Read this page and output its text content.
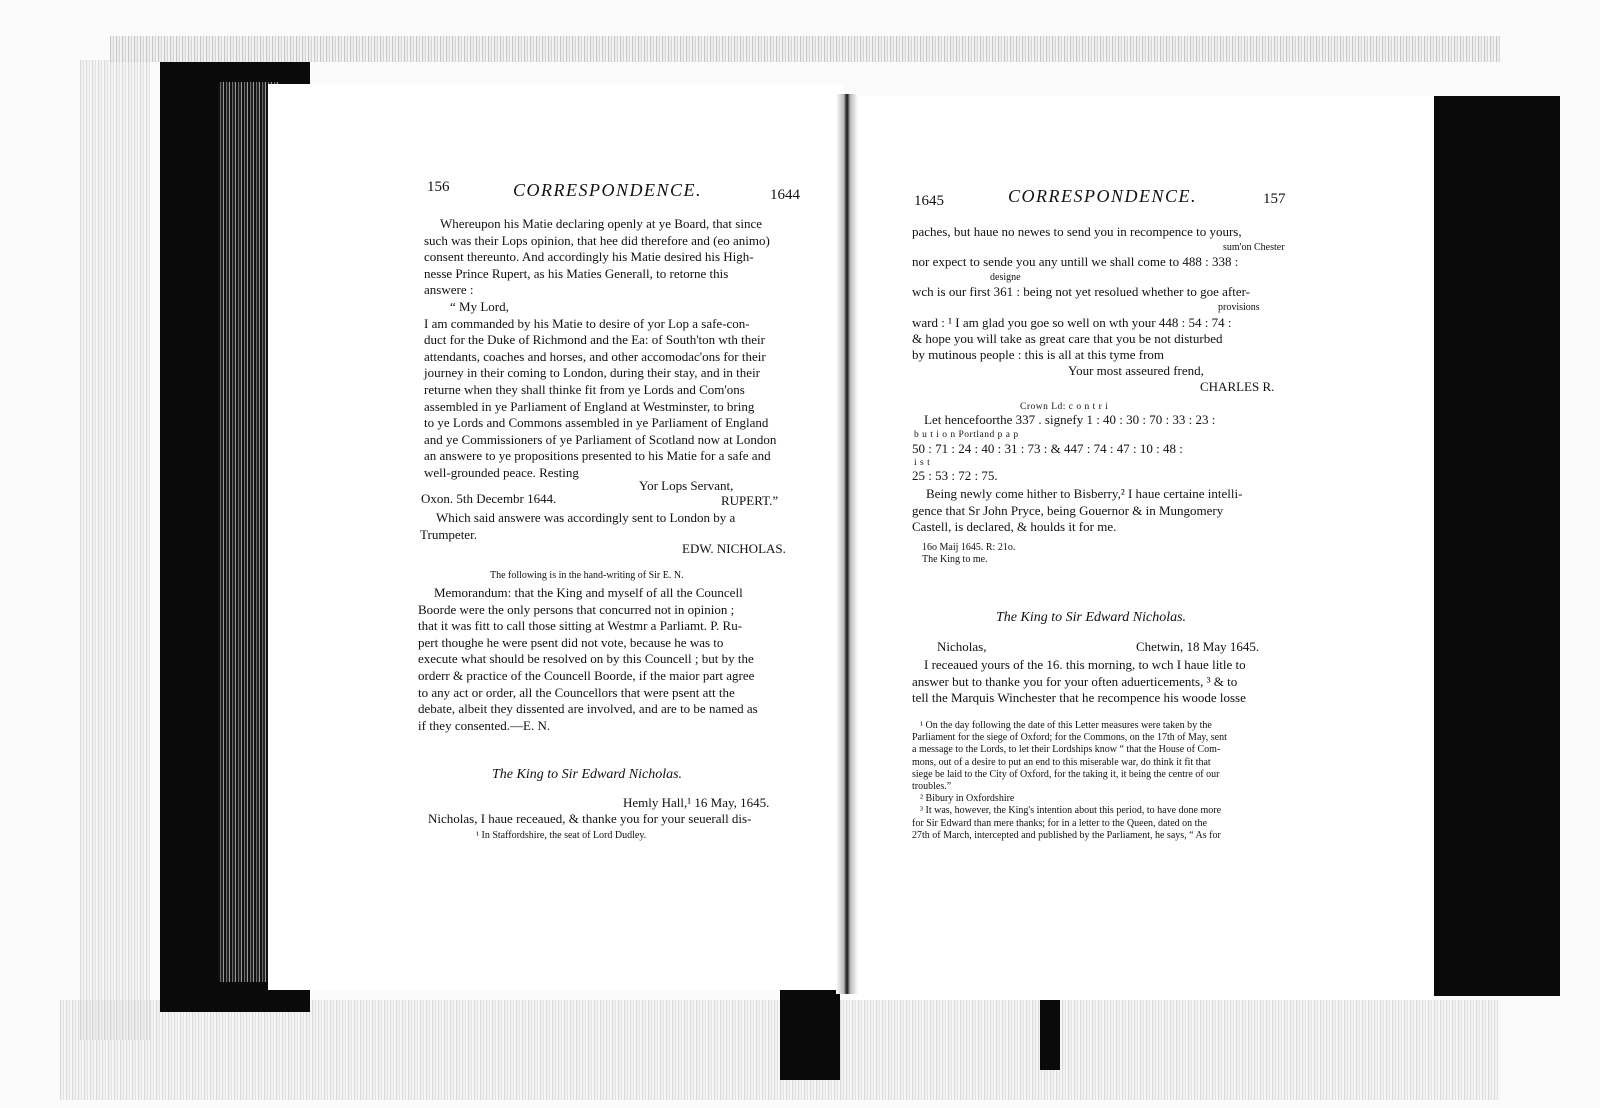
156	CORRESPONDENCE.	1644
Whereupon his Matie declaring openly at ye Board, that since
such was their Lops opinion, that hee did therefore and (eo animo)
consent thereunto. And accordingly his Matie desired his High-
nesse Prince Rupert, as his Maties Generall, to retorne this
answere :
“ My Lord,
I am commanded by his Matie to desire of yor Lop a safe-con-
duct for the Duke of Richmond and the Ea: of South'ton wth their
attendants, coaches and horses, and other accomodac'ons for their
journey in their coming to London, during their stay, and in their
returne when they shall thinke fit from ye Lords and Com'ons
assembled in ye Parliament of England at Westminster, to bring
to ye Lords and Commons assembled in ye Parliament of England
and ye Commissioners of ye Parliament of Scotland now at London
an answere to ye propositions presented to his Matie for a safe and
well-grounded peace. Resting
Yor Lops Servant,
Oxon. 5th Decembr 1644.	RUPERT.”
Which said answere was accordingly sent to London by a
Trumpeter.
EDW. NICHOLAS.
The following is in the hand-writing of Sir E. N.
Memorandum: that the King and myself of all the Councell
Boorde were the only persons that concurred not in opinion ;
that it was fitt to call those sitting at Westmr a Parliamt. P. Ru-
pert thoughe he were psent did not vote, because he was to
execute what should be resolved on by this Councell ; but by the
orderr & practice of the Councell Boorde, if the maior part agree
to any act or order, all the Councellors that were psent att the
debate, albeit they dissented are involved, and are to be named as
if they consented.—E. N.
The King to Sir Edward Nicholas.
Hemly Hall,¹ 16 May, 1645.
Nicholas, I haue receaued, & thanke you for your seuerall dis-
¹ In Staffordshire, the seat of Lord Dudley.
1645	CORRESPONDENCE.	157
paches, but haue no newes to send you in recompence to yours,
sum'on Chester
nor expect to sende you any untill we shall come to 488 : 338 :
designe
wch is our first 361 : being not yet resolued whether to goe after-
provisions
ward : ¹ I am glad you goe so well on wth your 448 : 54 : 74 :
& hope you will take as great care that you be not disturbed
by mutinous people : this is all at this tyme from
Your most asseured frend,
CHARLES R.
Crown Ld: c o n t r i
Let hencefoorthe 337 . signefy 1 : 40 : 30 : 70 : 33 : 23 :
b u t i o n Portland p a p
50 : 71 : 24 : 40 : 31 : 73 : & 447 : 74 : 47 : 10 : 48 :
i s t
25 : 53 : 72 : 75.
Being newly come hither to Bisberry,² I haue certaine intelli-
gence that Sr John Pryce, being Gouernor & in Mungomery
Castell, is declared, & houlds it for me.
16o Maij 1645. R: 21o.
The King to me.
The King to Sir Edward Nicholas.
Nicholas,	Chetwin, 18 May 1645.
I receaued yours of the 16. this morning, to wch I haue litle to
answer but to thanke you for your often aduerticements, ³ & to
tell the Marquis Winchester that he recompence his woode losse
¹ On the day following the date of this Letter measures were taken by the
Parliament for the siege of Oxford; for the Commons, on the 17th of May, sent
a message to the Lords, to let their Lordships know “ that the House of Com-
mons, out of a desire to put an end to this miserable war, do think it fit that
siege be laid to the City of Oxford, for the taking it, it being the centre of our
troubles.”
² Bibury in Oxfordshire
³ It was, however, the King's intention about this period, to have done more
for Sir Edward than mere thanks; for in a letter to the Queen, dated on the
27th of March, intercepted and published by the Parliament, he says, “ As for
